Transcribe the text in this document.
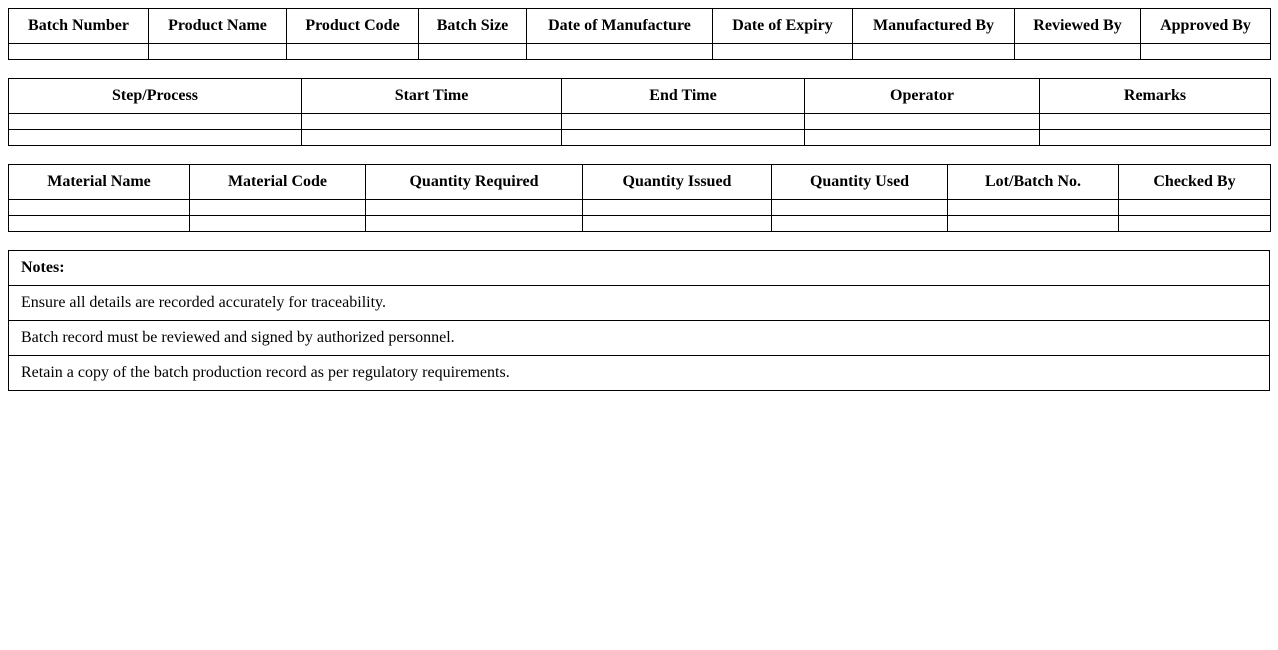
Batch Number	Product Name	Product Code	Batch Size	Date of Manufacture	Date of Expiry	Manufactured By	Reviewed By	Approved By

Step/Process	Start Time	End Time	Operator	Remarks

Material Name	Material Code	Quantity Required	Quantity Issued	Quantity Used	Lot/Batch No.	Checked By

Notes:
Ensure all details are recorded accurately for traceability.
Batch record must be reviewed and signed by authorized personnel.
Retain a copy of the batch production record as per regulatory requirements.
